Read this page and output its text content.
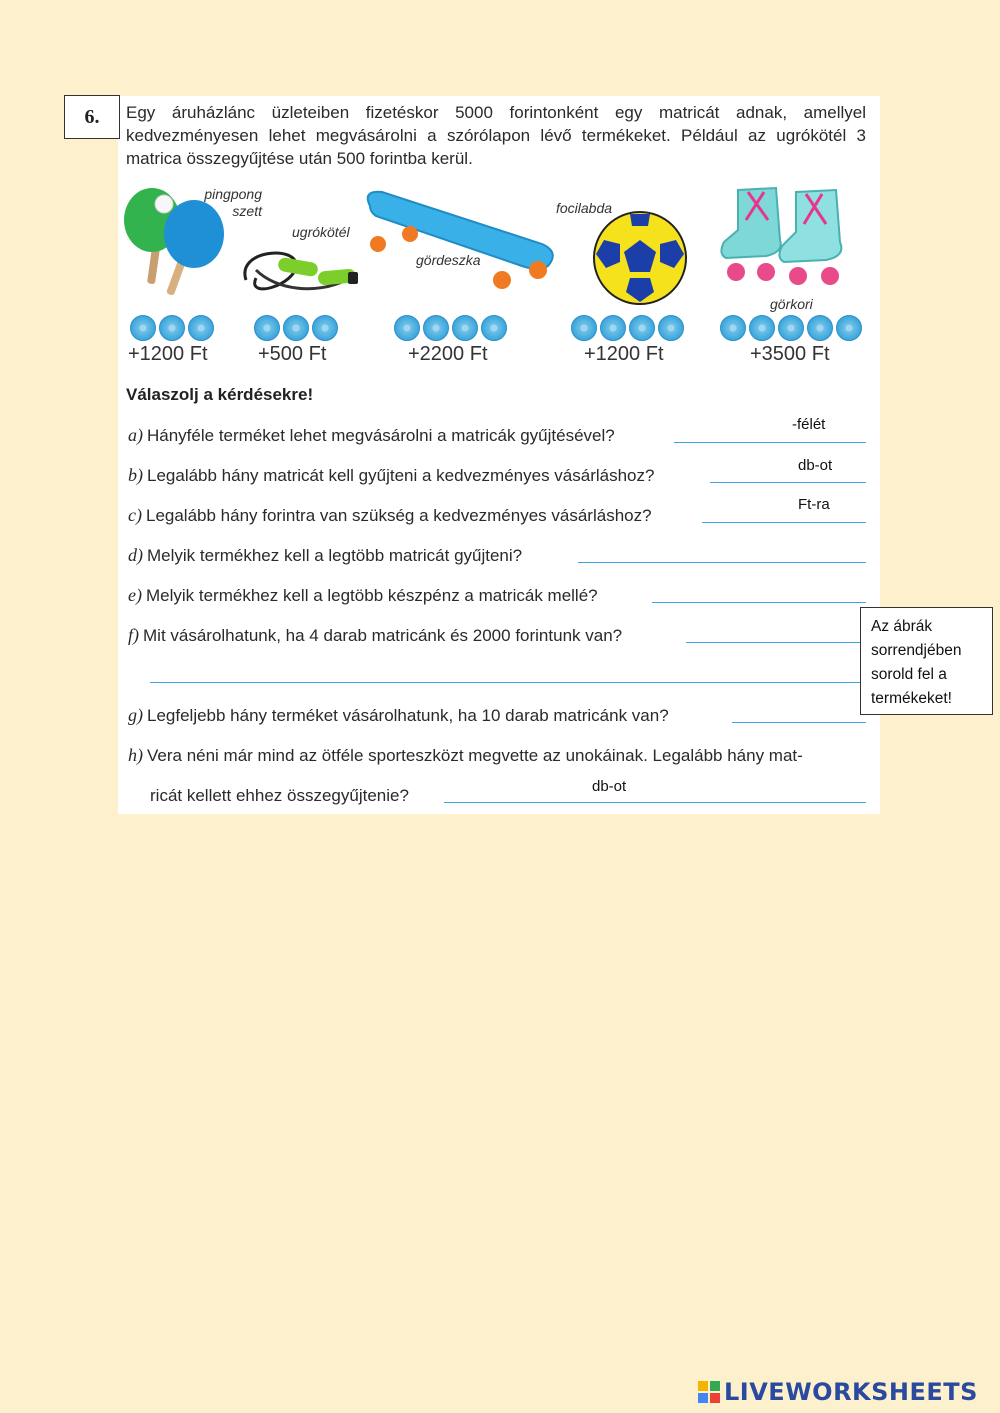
6.	Egy áruházlánc üzleteiben fizetéskor 5000 forintonként egy matricát adnak, amellyel kedvezményesen lehet megvásárolni a szórólapon lévő termékeket. Például az ugrókötél 3 matrica összegyűjtése után 500 forintba kerül.
pingpong szett
ugrókötél
gördeszka
focilabda
görkori
+1200 Ft	+500 Ft	+2200 Ft	+1200 Ft	+3500 Ft
Válaszolj a kérdésekre!
a) Hányféle terméket lehet megvásárolni a matricák gyűjtésével?
-félét
b) Legalább hány matricát kell gyűjteni a kedvezményes vásárláshoz?
db-ot
c) Legalább hány forintra van szükség a kedvezményes vásárláshoz?
Ft-ra
d) Melyik termékhez kell a legtöbb matricát gyűjteni?
e) Melyik termékhez kell a legtöbb készpénz a matricák mellé?
f) Mit vásárolhatunk, ha 4 darab matricánk és 2000 forintunk van?
g) Legfeljebb hány terméket vásárolhatunk, ha 10 darab matricánk van?
h) Vera néni már mind az ötféle sporteszközt megvette az unokáinak. Legalább hány mat-
ricát kellett ehhez összegyűjtenie?	db-ot
Az ábrák sorrendjében sorold fel a termékeket!
LIVEWORKSHEETS
